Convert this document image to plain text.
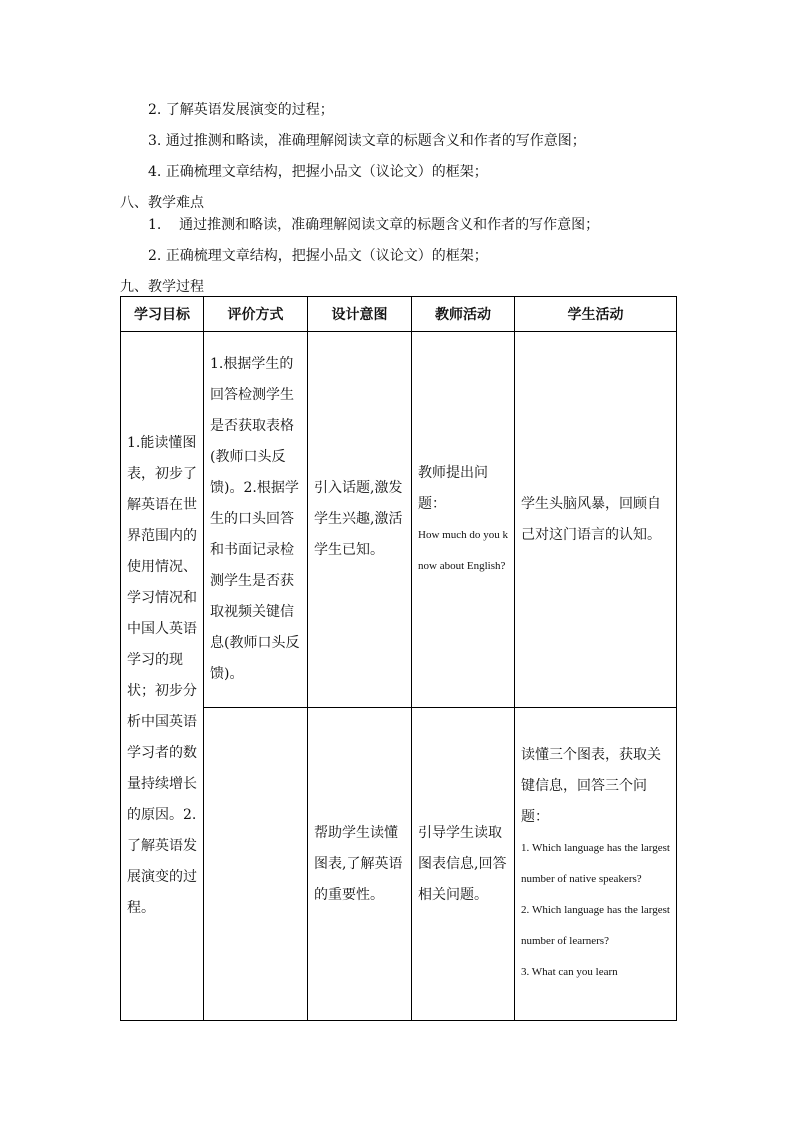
2. 了解英语发展演变的过程；
3. 通过推测和略读，准确理解阅读文章的标题含义和作者的写作意图；
4. 正确梳理文章结构，把握小品文（议论文）的框架；
八、教学难点
1.    通过推测和略读，准确理解阅读文章的标题含义和作者的写作意图；
2. 正确梳理文章结构，把握小品文（议论文）的框架；
九、教学过程
学习目标	评价方式	设计意图	教师活动	学生活动
1.能读懂图表，初步了解英语在世界范围内的使用情况、学习情况和中国人英语学习的现状；初步分析中国英语学习者的数量持续增长的原因。2.了解英语发展演变的过程。	1.根据学生的回答检测学生是否获取表格(教师口头反馈)。2.根据学生的口头回答和书面记录检测学生是否获取视频关键信息(教师口头反馈)。	引入话题,激发学生兴趣,激活学生已知。	教师提出问题：
How much do you know about English?	学生头脑风暴，回顾自己对这门语言的认知。
		帮助学生读懂图表,了解英语的重要性。	引导学生读取图表信息,回答相关问题。	读懂三个图表，获取关键信息，回答三个问题：
1. Which language has the largest number of native speakers?
2. Which language has the largest number of learners?
3. What can you learn
